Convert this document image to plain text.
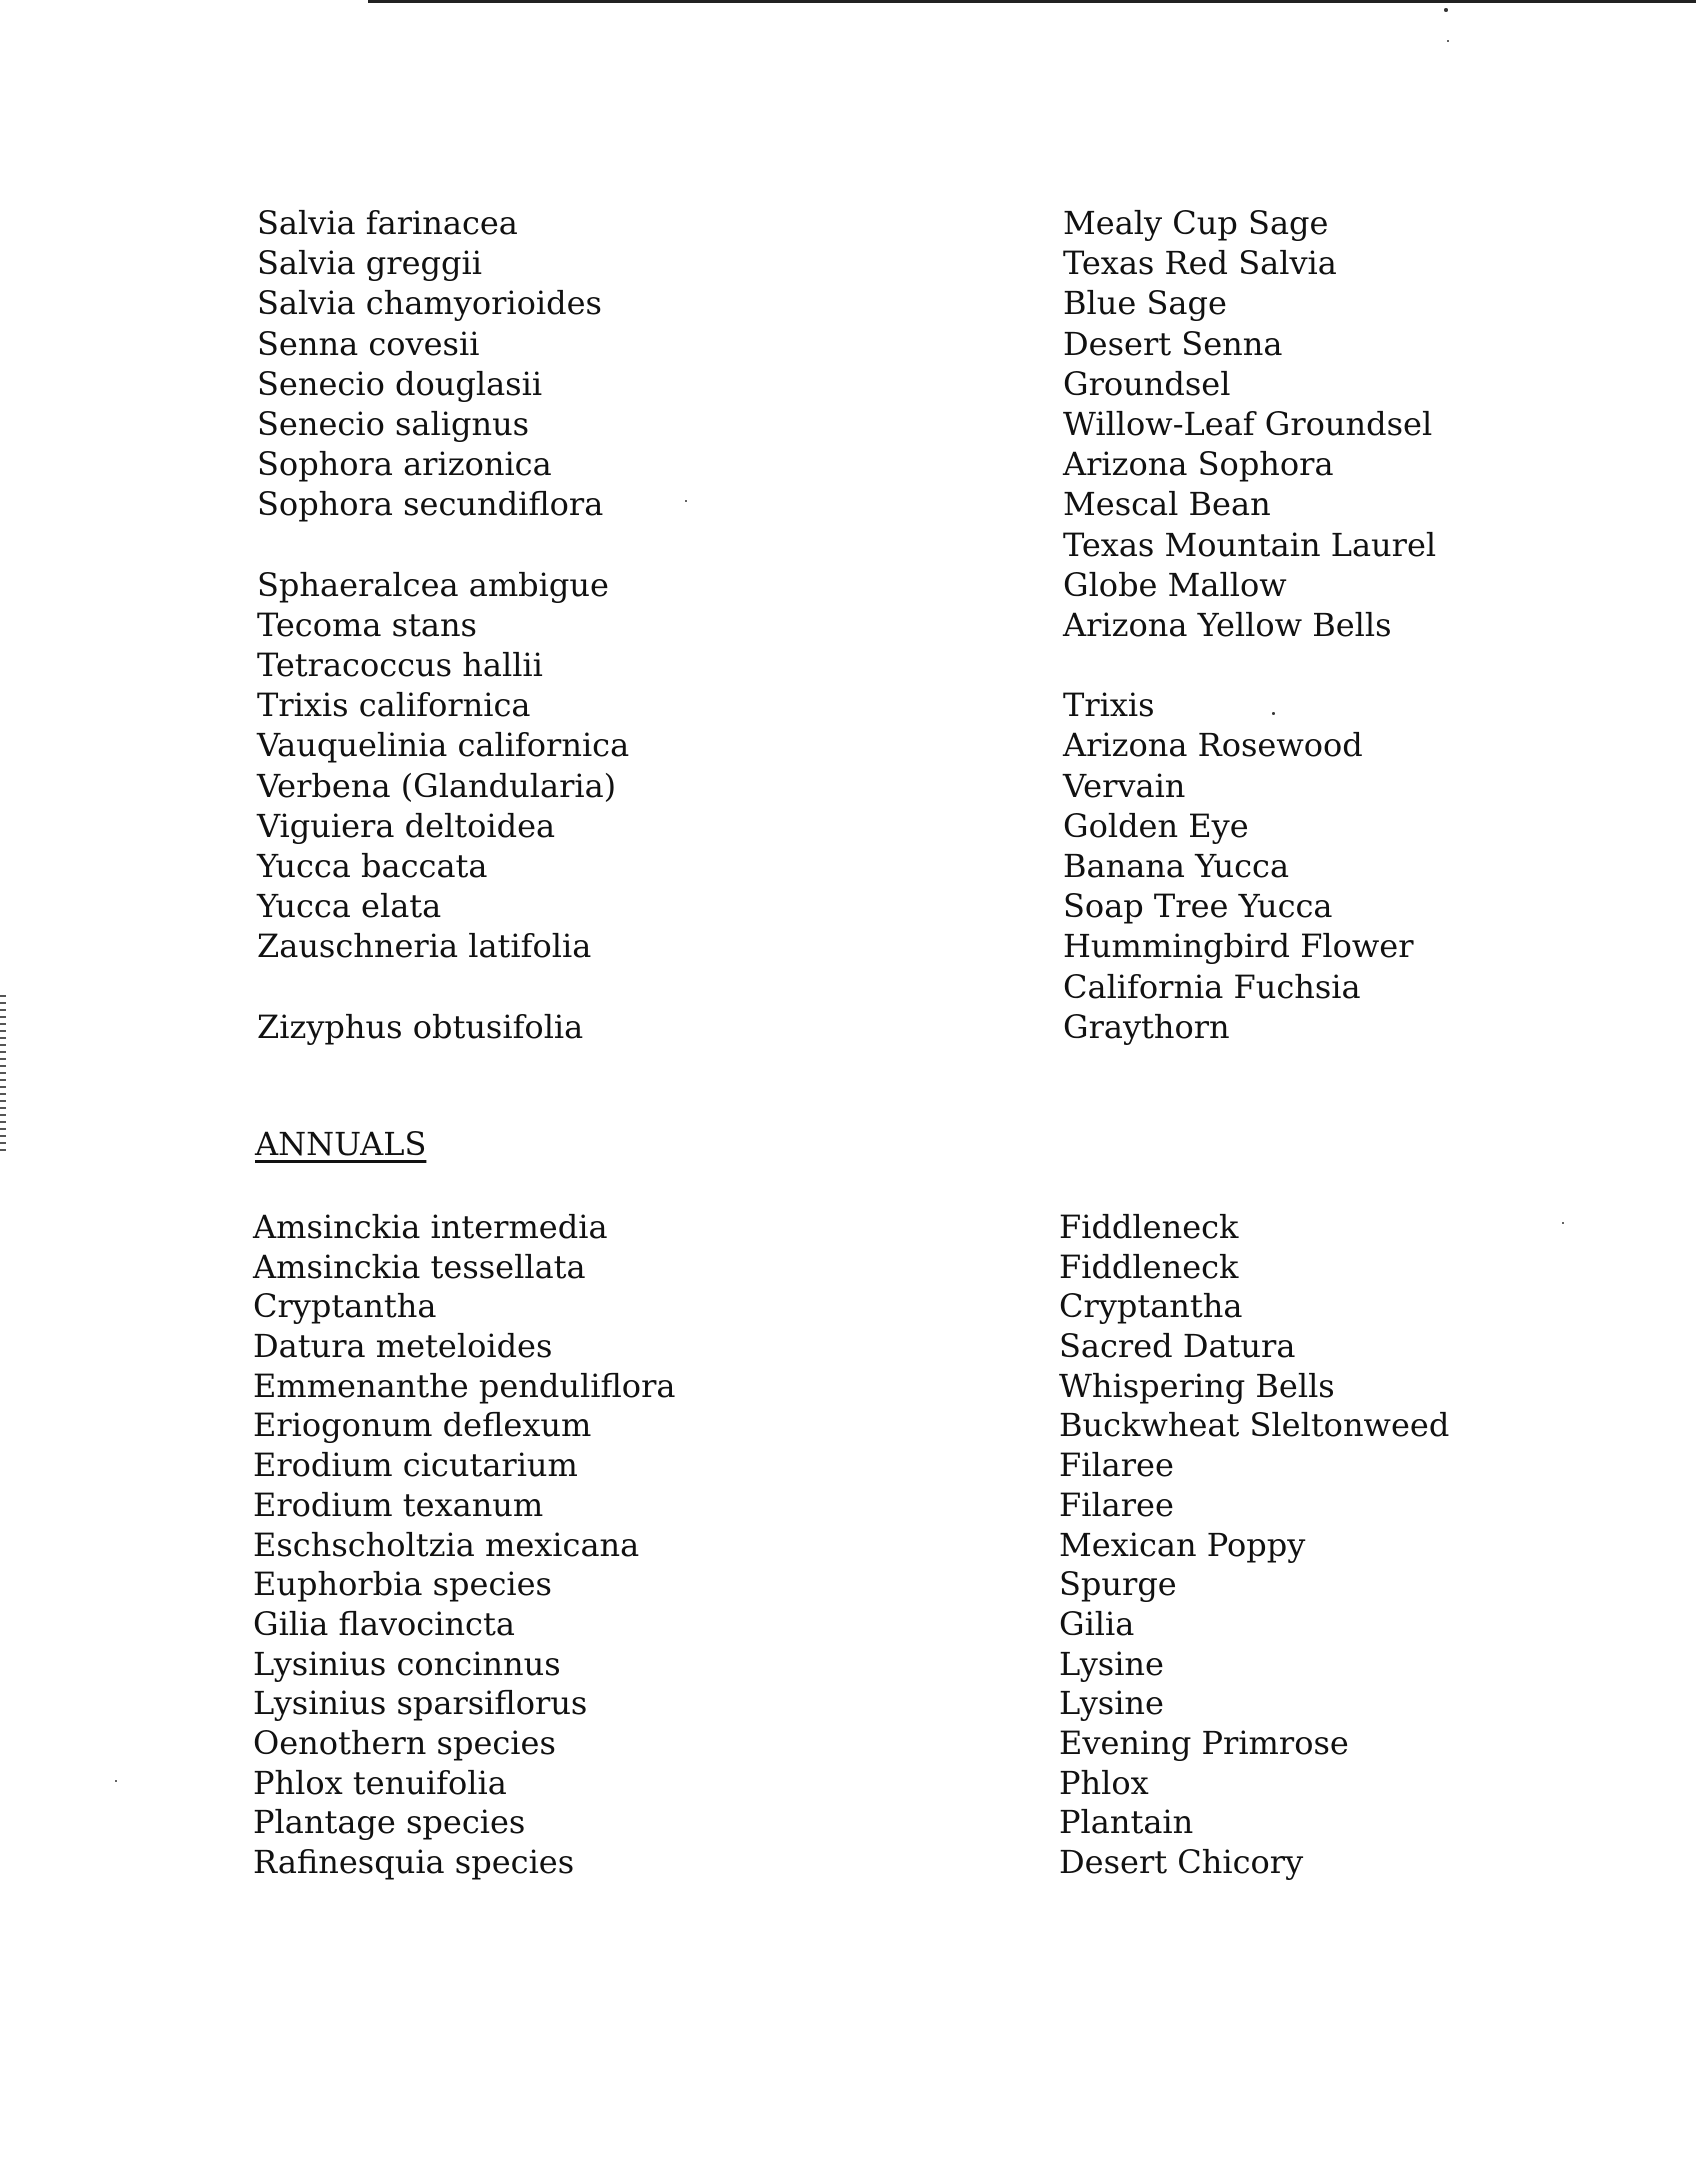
Salvia farinacea
Salvia greggii
Salvia chamyorioides
Senna covesii
Senecio douglasii
Senecio salignus
Sophora arizonica
Sophora secundiflora
Sphaeralcea ambigue
Tecoma stans
Tetracoccus hallii
Trixis californica
Vauquelinia californica
Verbena (Glandularia)
Viguiera deltoidea
Yucca baccata
Yucca elata
Zauschneria latifolia
Zizyphus obtusifolia
Mealy Cup Sage
Texas Red Salvia
Blue Sage
Desert Senna
Groundsel
Willow-Leaf Groundsel
Arizona Sophora
Mescal Bean
Texas Mountain Laurel
Globe Mallow
Arizona Yellow Bells
Trixis
Arizona Rosewood
Vervain
Golden Eye
Banana Yucca
Soap Tree Yucca
Hummingbird Flower
California Fuchsia
Graythorn
ANNUALS
Amsinckia intermedia
Amsinckia tessellata
Cryptantha
Datura meteloides
Emmenanthe penduliflora
Eriogonum deflexum
Erodium cicutarium
Erodium texanum
Eschscholtzia mexicana
Euphorbia species
Gilia flavocincta
Lysinius concinnus
Lysinius sparsiflorus
Oenothern species
Phlox tenuifolia
Plantage species
Rafinesquia species
Fiddleneck
Fiddleneck
Cryptantha
Sacred Datura
Whispering Bells
Buckwheat Sleltonweed
Filaree
Filaree
Mexican Poppy
Spurge
Gilia
Lysine
Lysine
Evening Primrose
Phlox
Plantain
Desert Chicory
